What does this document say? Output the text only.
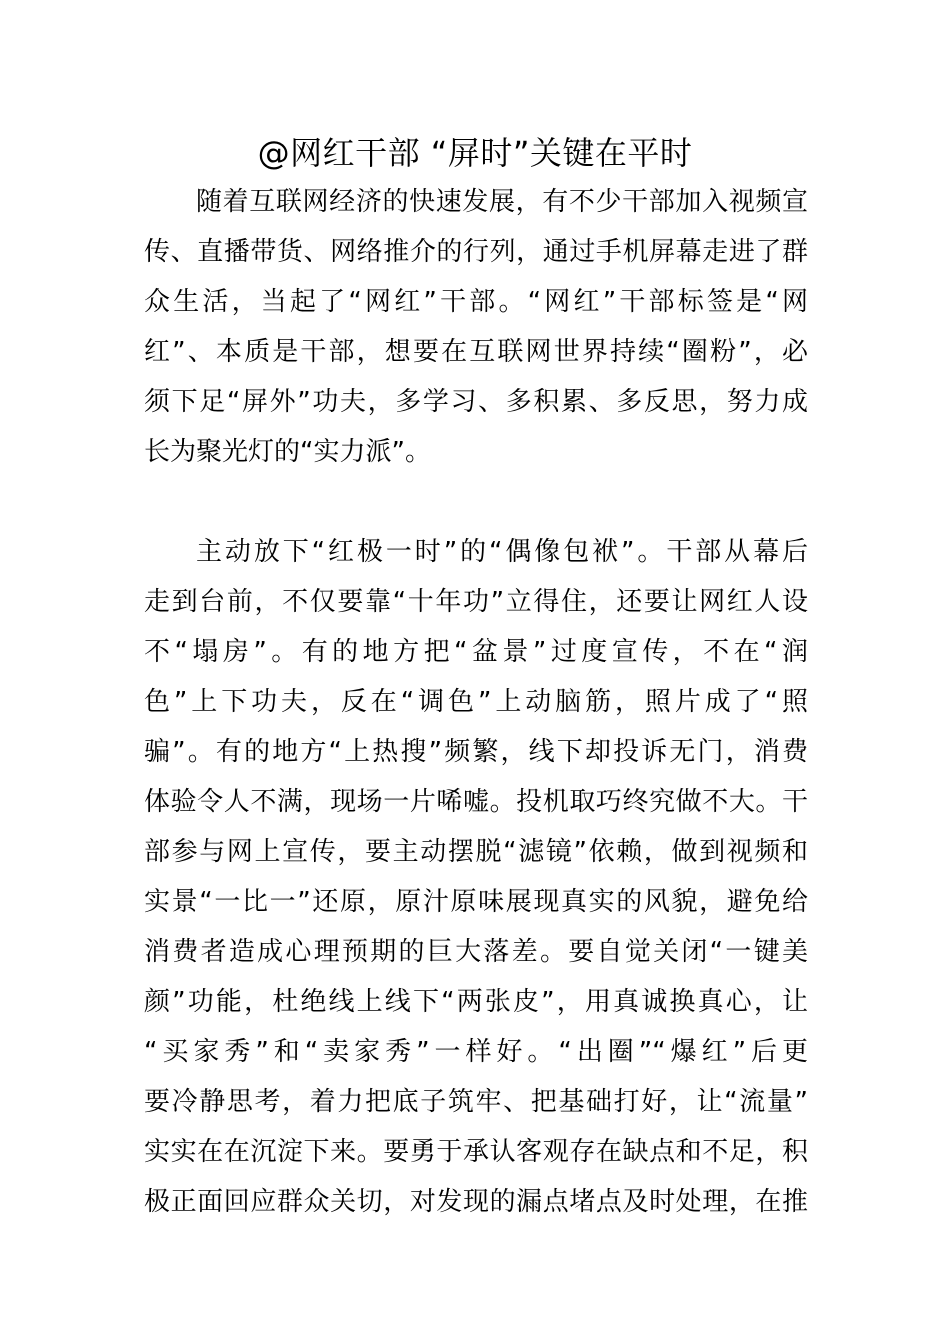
@网红干部 “屏时”关键在平时
随着互联网经济的快速发展，有不少干部加入视频宣
传、直播带货、网络推介的行列，通过手机屏幕走进了群
众生活，当起了“网红”干部。“网红”干部标签是“网
红”、本质是干部，想要在互联网世界持续“圈粉”，必
须下足“屏外”功夫，多学习、多积累、多反思，努力成
长为聚光灯的“实力派”。
主动放下“红极一时”的“偶像包袱”。干部从幕后
走到台前，不仅要靠“十年功”立得住，还要让网红人设
不“塌房”。有的地方把“盆景”过度宣传，不在“润
色”上下功夫，反在“调色”上动脑筋，照片成了“照
骗”。有的地方“上热搜”频繁，线下却投诉无门，消费
体验令人不满，现场一片唏嘘。投机取巧终究做不大。干
部参与网上宣传，要主动摆脱“滤镜”依赖，做到视频和
实景“一比一”还原，原汁原味展现真实的风貌，避免给
消费者造成心理预期的巨大落差。要自觉关闭“一键美
颜”功能，杜绝线上线下“两张皮”，用真诚换真心，让
“买家秀”和“卖家秀”一样好。“出圈”“爆红”后更
要冷静思考，着力把底子筑牢、把基础打好，让“流量”
实实在在沉淀下来。要勇于承认客观存在缺点和不足，积
极正面回应群众关切，对发现的漏点堵点及时处理，在推
